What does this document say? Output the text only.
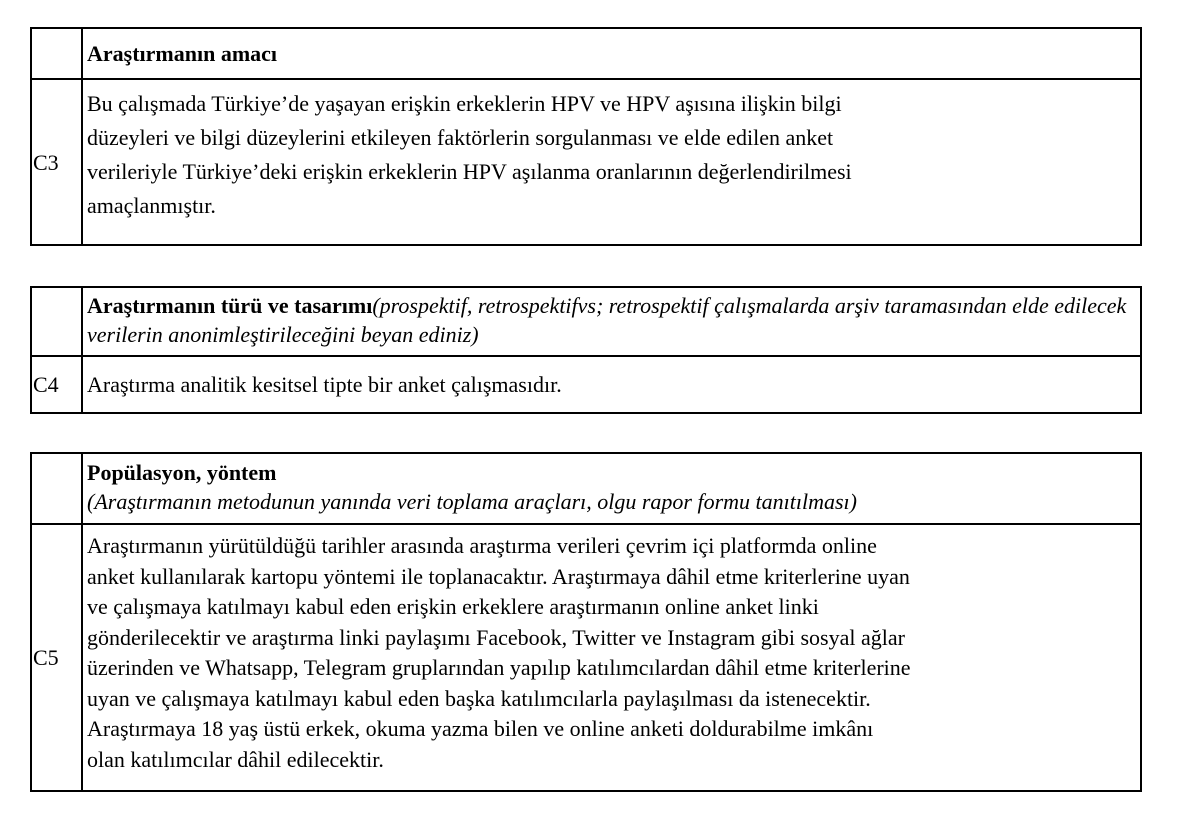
Araştırmanın amacı
C3
Bu çalışmada Türkiye’de yaşayan erişkin erkeklerin HPV ve HPV aşısına ilişkin bilgi
düzeyleri ve bilgi düzeylerini etkileyen faktörlerin sorgulanması ve elde edilen anket
verileriyle Türkiye’deki erişkin erkeklerin HPV aşılanma oranlarının değerlendirilmesi
amaçlanmıştır.
Araştırmanın türü ve tasarımı(prospektif, retrospektifvs; retrospektif çalışmalarda arşiv taramasından elde edilecek verilerin anonimleştirileceğini beyan ediniz)
C4	Araştırma analitik kesitsel tipte bir anket çalışmasıdır.
Popülasyon, yöntem
(Araştırmanın metodunun yanında veri toplama araçları, olgu rapor formu tanıtılması)
C5
Araştırmanın yürütüldüğü tarihler arasında araştırma verileri çevrim içi platformda online
anket kullanılarak kartopu yöntemi ile toplanacaktır. Araştırmaya dâhil etme kriterlerine uyan
ve çalışmaya katılmayı kabul eden erişkin erkeklere araştırmanın online anket linki
gönderilecektir ve araştırma linki paylaşımı Facebook, Twitter ve Instagram gibi sosyal ağlar
üzerinden ve Whatsapp, Telegram gruplarından yapılıp katılımcılardan dâhil etme kriterlerine
uyan ve çalışmaya katılmayı kabul eden başka katılımcılarla paylaşılması da istenecektir.
Araştırmaya 18 yaş üstü erkek, okuma yazma bilen ve online anketi doldurabilme imkânı
olan katılımcılar dâhil edilecektir.
